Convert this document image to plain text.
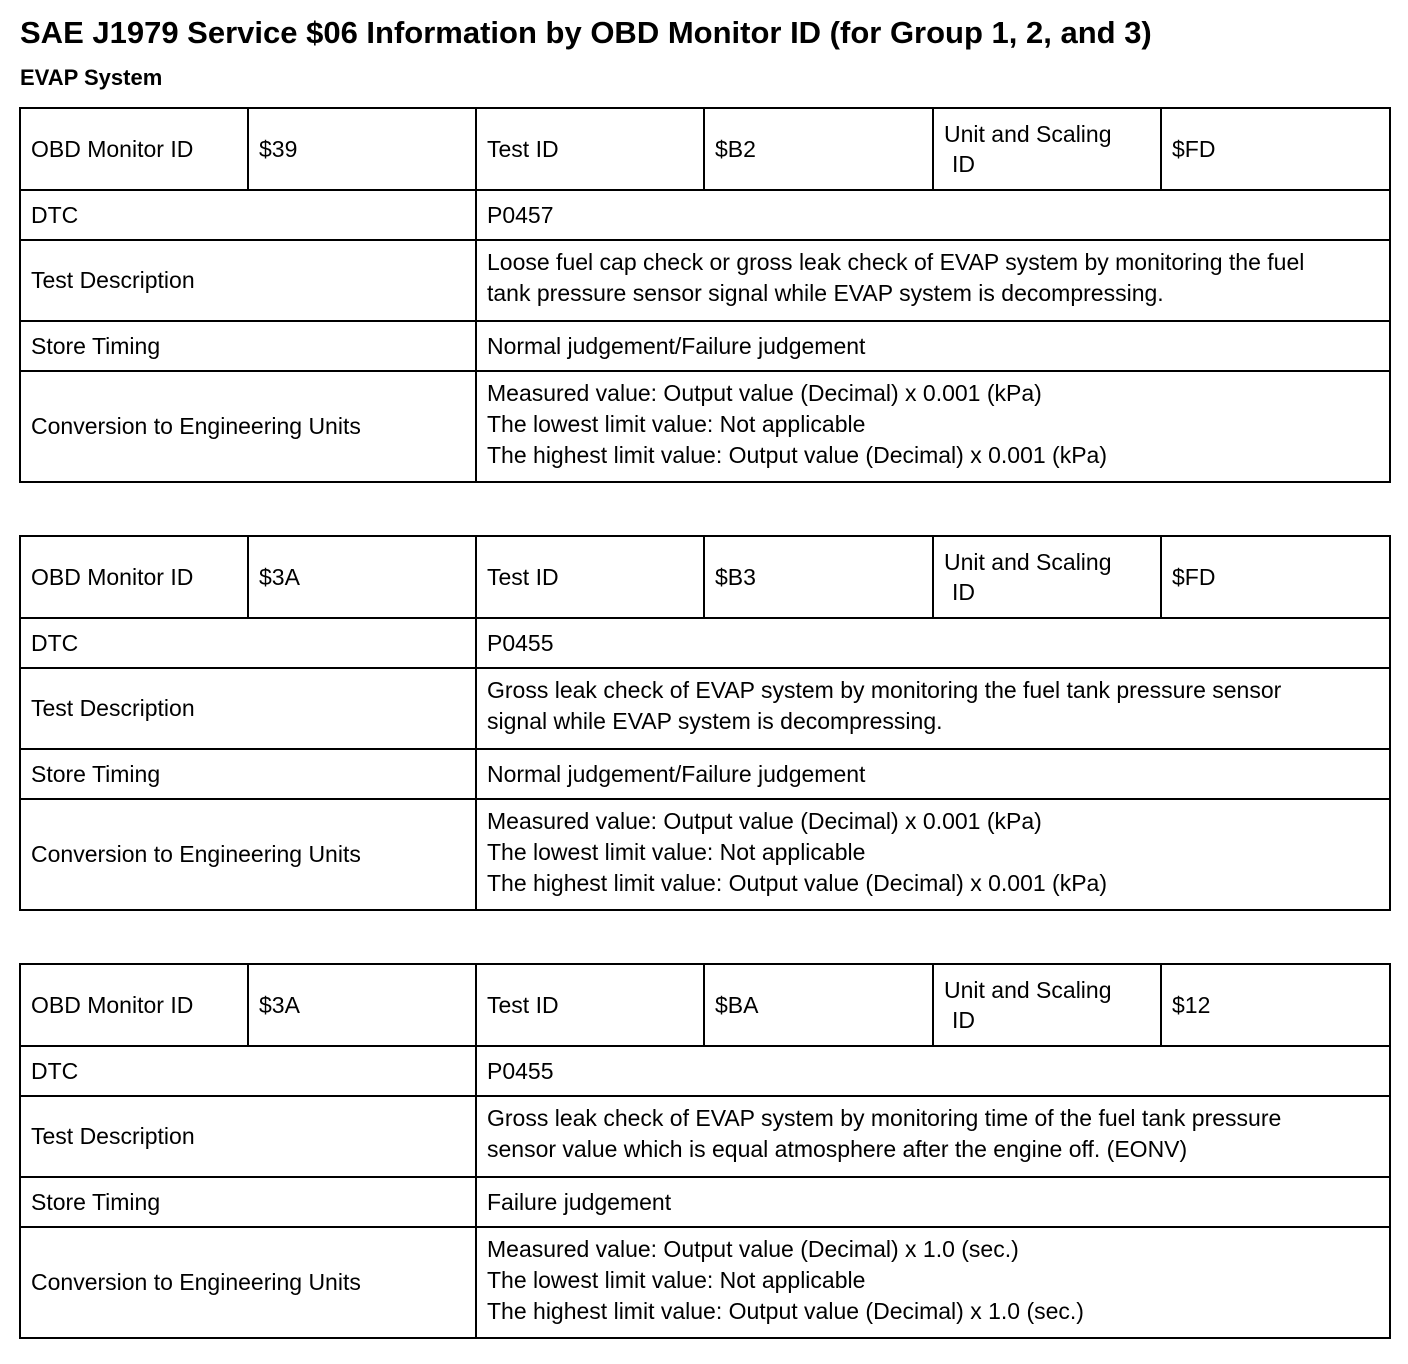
SAE J1979 Service $06 Information by OBD Monitor ID (for Group 1, 2, and 3)
EVAP System
OBD Monitor ID	$39	Test ID	$B2	Unit and Scaling
ID	$FD
DTC		P0457			
Test Description		Loose fuel cap check or gross leak check of EVAP system by monitoring the fuel
tank pressure sensor signal while EVAP system is decompressing.			

Store Timing		Normal judgement/Failure judgement			
Conversion to Engineering Units		Measured value: Output value (Decimal) x 0.001 (kPa)
The lowest limit value: Not applicable
The highest limit value: Output value (Decimal) x 0.001 (kPa)			
OBD Monitor ID	$3A	Test ID	$B3	Unit and Scaling
ID	$FD
DTC		P0455			
Test Description		Gross leak check of EVAP system by monitoring the fuel tank pressure sensor
signal while EVAP system is decompressing.			

Store Timing		Normal judgement/Failure judgement			
Conversion to Engineering Units		Measured value: Output value (Decimal) x 0.001 (kPa)
The lowest limit value: Not applicable
The highest limit value: Output value (Decimal) x 0.001 (kPa)			
OBD Monitor ID	$3A	Test ID	$BA	Unit and Scaling
ID	$12
DTC		P0455			
Test Description		Gross leak check of EVAP system by monitoring time of the fuel tank pressure
sensor value which is equal atmosphere after the engine off. (EONV)			

Store Timing		Failure judgement			
Conversion to Engineering Units		Measured value: Output value (Decimal) x 1.0 (sec.)
The lowest limit value: Not applicable
The highest limit value: Output value (Decimal) x 1.0 (sec.)			
